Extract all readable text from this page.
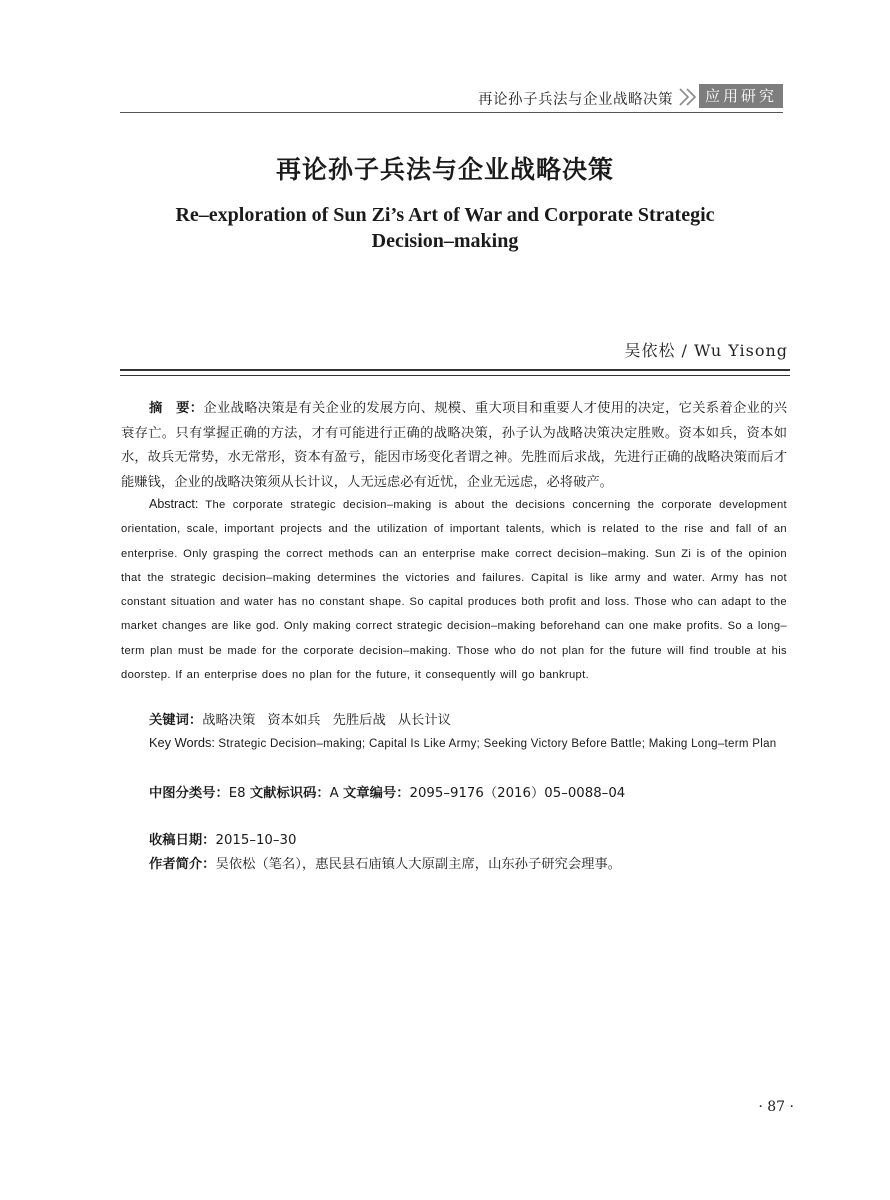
再论孙子兵法与企业战略决策	应用研究
再论孙子兵法与企业战略决策
Re–exploration of Sun Zi’s Art of War and Corporate Strategic
Decision–making
吴依松 / Wu Yisong

摘　要：企业战略决策是有关企业的发展方向、规模、重大项目和重要人才使用的决定，它关系着企业的兴衰存亡。只有掌握正确的方法，才有可能进行正确的战略决策，孙子认为战略决策决定胜败。资本如兵，资本如水，故兵无常势，水无常形，资本有盈亏，能因市场变化者谓之神。先胜而后求战，先进行正确的战略决策而后才能赚钱，企业的战略决策须从长计议，人无远虑必有近忧，企业无远虑，必将破产。

Abstract: The corporate strategic decision–making is about the decisions concerning the corporate development orientation, scale, important projects and the utilization of important talents, which is related to the rise and fall of an enterprise. Only grasping the correct methods can an enterprise make correct decision–making. Sun Zi is of the opinion that the strategic decision–making determines the victories and failures. Capital is like army and water. Army has not constant situation and water has no constant shape. So capital produces both profit and loss. Those who can adapt to the market changes are like god. Only making correct strategic decision–making beforehand can one make profits. So a long–term plan must be made for the corporate decision–making. Those who do not plan for the future will find trouble at his doorstep. If an enterprise does no plan for the future, it consequently will go bankrupt.

关键词：战略决策 资本如兵 先胜后战 从长计议
Key Words: Strategic Decision–making; Capital Is Like Army; Seeking Victory Before Battle; Making Long–term Plan
中图分类号：E8 文献标识码：A 文章编号：2095–9176（2016）05–0088–04
收稿日期：2015–10–30
作者简介：吴依松（笔名），惠民县石庙镇人大原副主席，山东孙子研究会理事。
· 87 ·
